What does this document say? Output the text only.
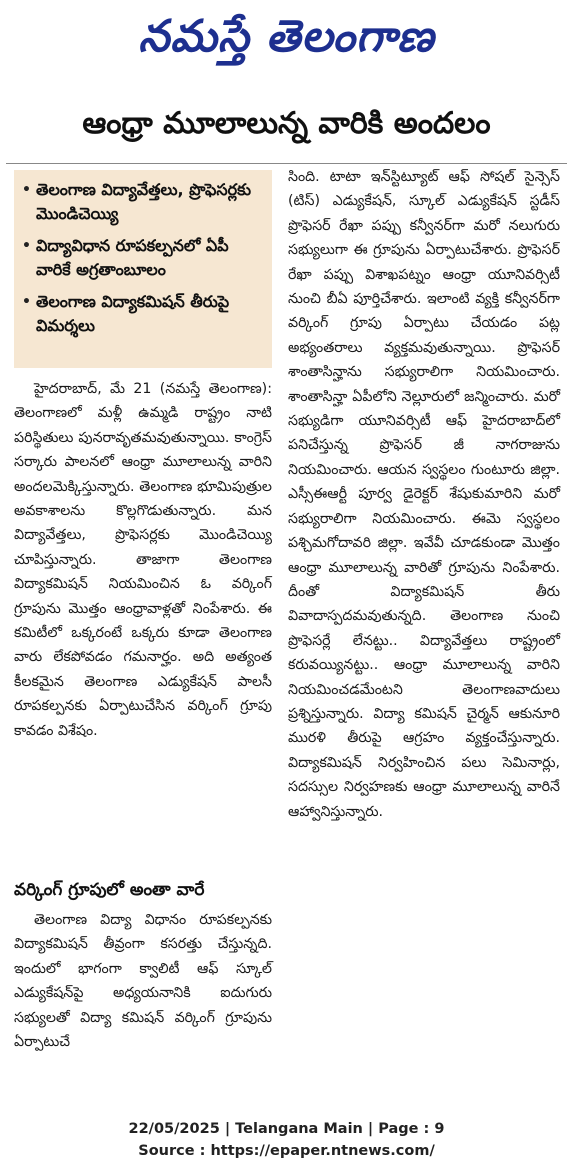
నమస్తే తెలంగాణ
ఆంధ్రా మూలాలున్న వారికి అందలం
• తెలంగాణ విద్యావేత్తలు, ప్రొఫెసర్లకు మొండిచెయ్యి
• విద్యావిధాన రూపకల్పనలో ఏపీ వారికే అగ్రతాంబూలం
• తెలంగాణ విద్యాకమిషన్ తీరుపై విమర్శలు

హైదరాబాద్, మే 21 (నమస్తే తెలంగాణ): తెలంగాణలో మళ్లీ ఉమ్మడి రాష్ట్రం నాటి పరిస్థితులు పునరావృతమవుతున్నాయి. కాంగ్రెస్ సర్కారు పాలనలో ఆంధ్రా మూలాలున్న వారిని అందలమెక్కిస్తున్నారు. తెలంగాణ భూమిపుత్రుల అవకాశాలను కొల్లగొడుతున్నారు. మన విద్యావేత్తలు, ప్రొఫెసర్లకు మొండిచెయ్యి చూపిస్తున్నారు. తాజాగా తెలంగాణ విద్యాకమిషన్ నియమించిన ఓ వర్కింగ్ గ్రూపును మొత్తం ఆంధ్రావాళ్లతో నింపేశారు. ఈ కమిటీలో ఒక్కరంటే ఒక్కరు కూడా తెలంగాణ వారు లేకపోవడం గమనార్హం. అది అత్యంత కీలకమైన తెలంగాణ ఎడ్యుకేషన్ పాలసీ రూపకల్పనకు ఏర్పాటుచేసిన వర్కింగ్ గ్రూపు కావడం విశేషం.

వర్కింగ్ గ్రూపులో అంతా వారే

తెలంగాణ విద్యా విధానం రూపకల్పనకు విద్యాకమిషన్ తీవ్రంగా కసరత్తు చేస్తున్నది. ఇందులో భాగంగా క్వాలిటీ ఆఫ్ స్కూల్ ఎడ్యుకేషన్‌పై అధ్యయనానికి ఐదుగురు సభ్యులతో విద్యా కమిషన్ వర్కింగ్ గ్రూపును ఏర్పాటుచే

సింది. టాటా ఇన్‌స్టిట్యూట్ ఆఫ్ సోషల్ సైన్సెస్ (టిస్) ఎడ్యుకేషన్, స్కూల్ ఎడ్యుకేషన్ స్టడీస్ ప్రొఫెసర్ రేఖా పప్పు కన్వీనర్‌గా మరో నలుగురు సభ్యులుగా ఈ గ్రూపును ఏర్పాటుచేశారు. ప్రొఫెసర్ రేఖా పప్పు విశాఖపట్నం ఆంధ్రా యూనివర్సిటీ నుంచి బీఏ పూర్తిచేశారు. ఇలాంటి వ్యక్తి కన్వీనర్‌గా వర్కింగ్ గ్రూపు ఏర్పాటు చేయడం పట్ల అభ్యంతరాలు వ్యక్తమవుతున్నాయి. ప్రొఫెసర్ శాంతాసిన్హాను సభ్యురాలిగా నియమించారు. శాంతాసిన్హా ఏపీలోని నెల్లూరులో జన్మించారు. మరో సభ్యుడిగా యూనివర్సిటీ ఆఫ్ హైదరాబాద్‌లో పనిచేస్తున్న ప్రొఫెసర్ జీ నాగరాజును నియమించారు. ఆయన స్వస్థలం గుంటూరు జిల్లా. ఎస్సీఈఆర్టీ పూర్వ డైరెక్టర్ శేషుకుమారిని మరో సభ్యురాలిగా నియమించారు. ఈమె స్వస్థలం పశ్చిమగోదావరి జిల్లా. ఇవేవీ చూడకుండా మొత్తం ఆంధ్రా మూలాలున్న వారితో గ్రూపును నింపేశారు. దీంతో విద్యాకమిషన్ తీరు వివాదాస్పదమవుతున్నది. తెలంగాణ నుంచి ప్రొఫెసర్లే లేనట్టు.. విద్యావేత్తలు రాష్ట్రంలో కరువయ్యినట్టు.. ఆంధ్రా మూలాలున్న వారిని నియమించడమేంటని తెలంగాణవాదులు ప్రశ్నిస్తున్నారు. విద్యా కమిషన్ చైర్మన్ ఆకునూరి మురళి తీరుపై ఆగ్రహం వ్యక్తంచేస్తున్నారు. విద్యాకమిషన్ నిర్వహించిన పలు సెమినార్లు, సదస్సుల నిర్వహణకు ఆంధ్రా మూలాలున్న వారినే ఆహ్వానిస్తున్నారు.

22/05/2025 | Telangana Main | Page : 9
Source : https://epaper.ntnews.com/
